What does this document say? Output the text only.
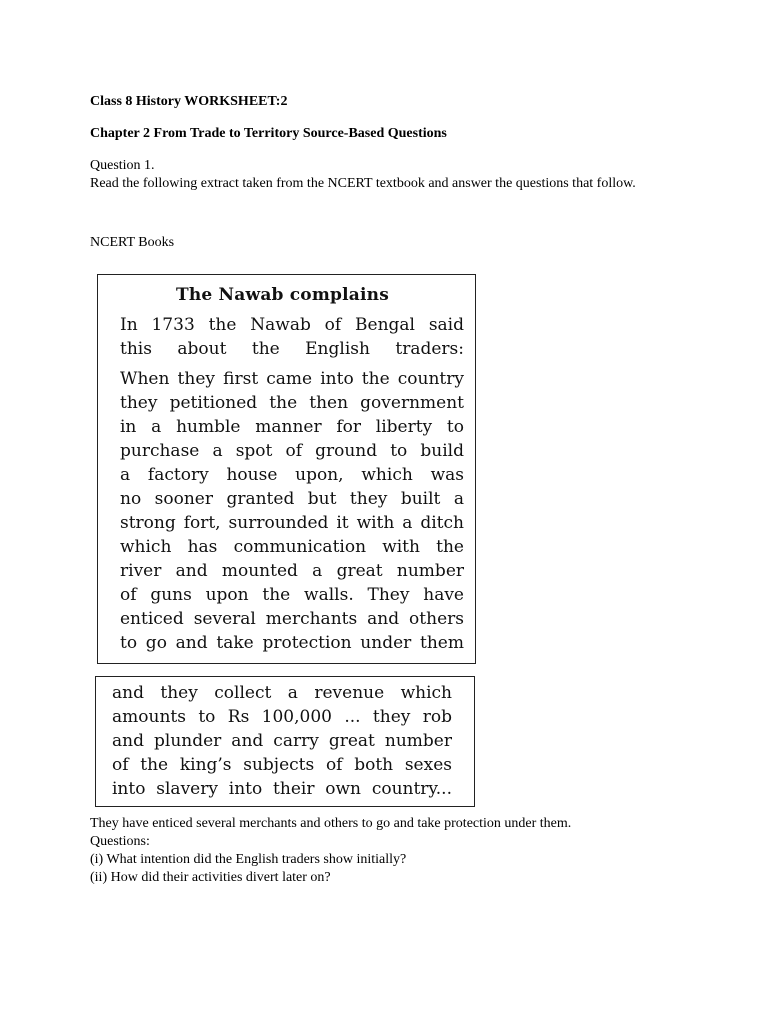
Class 8 History WORKSHEET:2
Chapter 2 From Trade to Territory Source-Based Questions
Question 1.
Read the following extract taken from the NCERT textbook and answer the questions that follow.
NCERT Books
The Nawab complains
In 1733 the Nawab of Bengal said
this about the English traders:
When they first came into the country
they petitioned the then government
in a humble manner for liberty to
purchase a spot of ground to build
a factory house upon, which was
no sooner granted but they built a
strong fort, surrounded it with a ditch
which has communication with the
river and mounted a great number
of guns upon the walls. They have
enticed several merchants and others
to go and take protection under them
and they collect a revenue which
amounts to Rs 100,000 ... they rob
and plunder and carry great number
of the king’s subjects of both sexes
into slavery into their own country...
They have enticed several merchants and others to go and take protection under them.
Questions:
(i) What intention did the English traders show initially?
(ii) How did their activities divert later on?
